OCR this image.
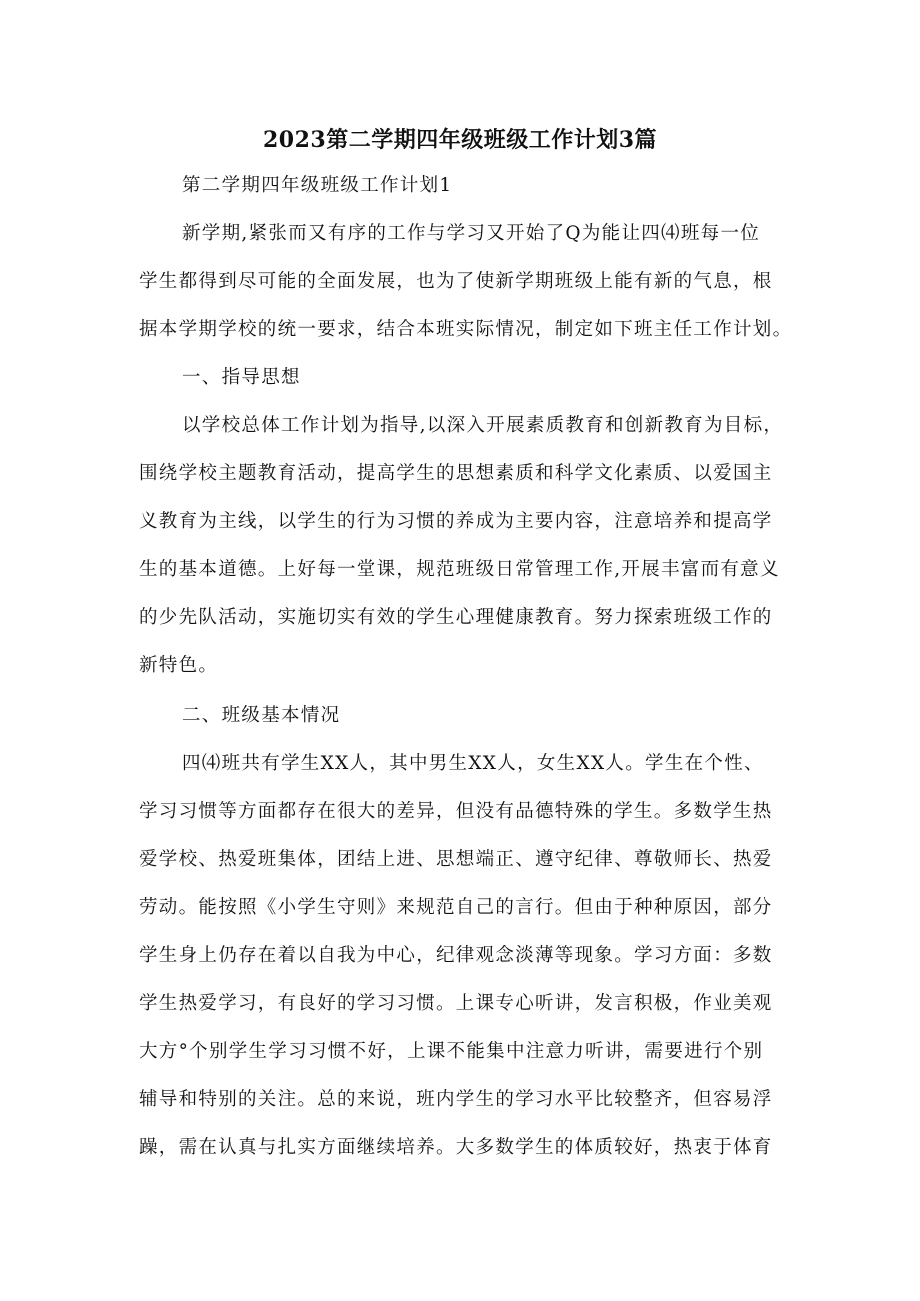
2023第二学期四年级班级工作计划3篇
第二学期四年级班级工作计划1
新学期,紧张而又有序的工作与学习又开始了Q为能让四⑷班每一位
学生都得到尽可能的全面发展，也为了使新学期班级上能有新的气息，根
据本学期学校的统一要求，结合本班实际情况，制定如下班主任工作计划。
一、指导思想
以学校总体工作计划为指导,以深入开展素质教育和创新教育为目标，
围绕学校主题教育活动，提高学生的思想素质和科学文化素质、以爱国主
义教育为主线，以学生的行为习惯的养成为主要内容，注意培养和提高学
生的基本道德。上好每一堂课，规范班级日常管理工作,开展丰富而有意义
的少先队活动，实施切实有效的学生心理健康教育。努力探索班级工作的
新特色。
二、班级基本情况
四⑷班共有学生XX人，其中男生XX人，女生XX人。学生在个性、
学习习惯等方面都存在很大的差异，但没有品德特殊的学生。多数学生热
爱学校、热爱班集体，团结上进、思想端正、遵守纪律、尊敬师长、热爱
劳动。能按照《小学生守则》来规范自己的言行。但由于种种原因，部分
学生身上仍存在着以自我为中心，纪律观念淡薄等现象。学习方面：多数
学生热爱学习，有良好的学习习惯。上课专心听讲，发言积极，作业美观
大方°个别学生学习习惯不好，上课不能集中注意力听讲，需要进行个别
辅导和特别的关注。总的来说，班内学生的学习水平比较整齐，但容易浮
躁，需在认真与扎实方面继续培养。大多数学生的体质较好，热衷于体育
